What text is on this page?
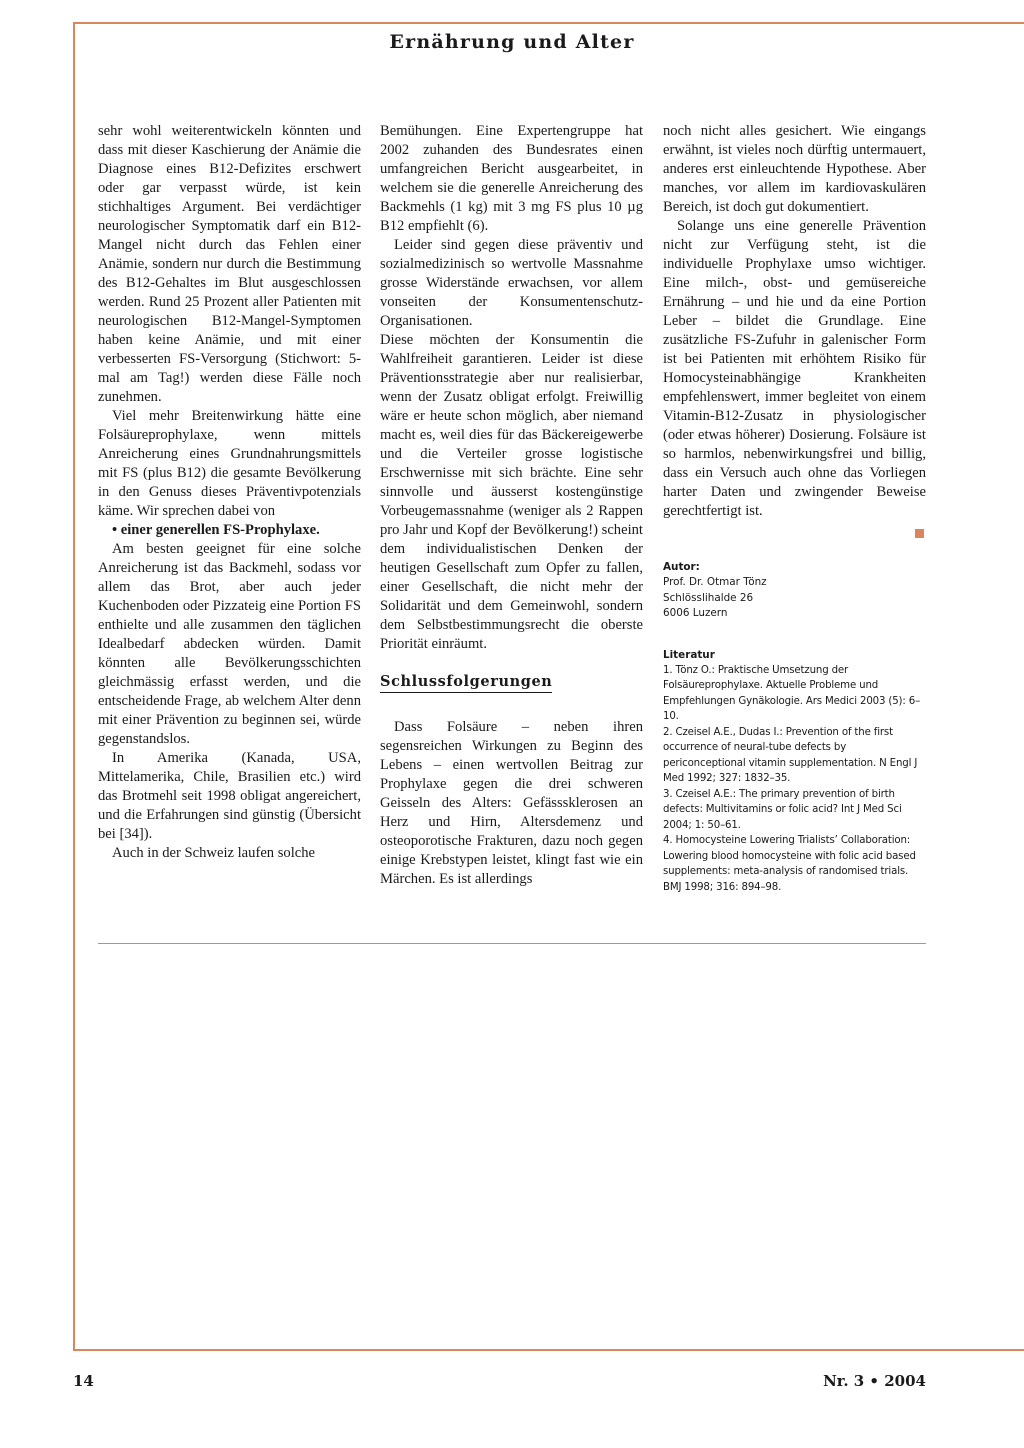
Ernährung und Alter

sehr wohl weiterentwickeln könnten und dass mit dieser Kaschierung der Anämie die Diagnose eines B12-Defizites erschwert oder gar verpasst würde, ist kein stichhaltiges Argument. Bei verdächtiger neurologischer Symptomatik darf ein B12-Mangel nicht durch das Fehlen einer Anämie, sondern nur durch die Bestimmung des B12-Gehaltes im Blut ausgeschlossen werden. Rund 25 Prozent aller Patienten mit neurologischen B12-Mangel-Symptomen haben keine Anämie, und mit einer verbesserten FS-Versorgung (Stichwort: 5-mal am Tag!) werden diese Fälle noch zunehmen.

Viel mehr Breitenwirkung hätte eine Folsäureprophylaxe, wenn mittels Anreicherung eines Grundnahrungsmittels mit FS (plus B12) die gesamte Bevölkerung in den Genuss dieses Präventivpotenzials käme. Wir sprechen dabei von

• einer generellen FS-Prophylaxe.

Am besten geeignet für eine solche Anreicherung ist das Backmehl, sodass vor allem das Brot, aber auch jeder Kuchenboden oder Pizzateig eine Portion FS enthielte und alle zusammen den täglichen Idealbedarf abdecken würden. Damit könnten alle Bevölkerungsschichten gleichmässig erfasst werden, und die entscheidende Frage, ab welchem Alter denn mit einer Prävention zu beginnen sei, würde gegenstandslos.

In Amerika (Kanada, USA, Mittelamerika, Chile, Brasilien etc.) wird das Brotmehl seit 1998 obligat angereichert, und die Erfahrungen sind günstig (Übersicht bei [34]).

Auch in der Schweiz laufen solche

Bemühungen. Eine Expertengruppe hat 2002 zuhanden des Bundesrates einen umfangreichen Bericht ausgearbeitet, in welchem sie die generelle Anreicherung des Backmehls (1 kg) mit 3 mg FS plus 10 µg B12 empfiehlt (6).

Leider sind gegen diese präventiv und sozialmedizinisch so wertvolle Massnahme grosse Widerstände erwachsen, vor allem vonseiten der Konsumentenschutz-Organisationen.

Diese möchten der Konsumentin die Wahlfreiheit garantieren. Leider ist diese Präventionsstrategie aber nur realisierbar, wenn der Zusatz obligat erfolgt. Freiwillig wäre er heute schon möglich, aber niemand macht es, weil dies für das Bäckereigewerbe und die Verteiler grosse logistische Erschwernisse mit sich brächte. Eine sehr sinnvolle und äusserst kostengünstige Vorbeugemassnahme (weniger als 2 Rappen pro Jahr und Kopf der Bevölkerung!) scheint dem individualistischen Denken der heutigen Gesellschaft zum Opfer zu fallen, einer Gesellschaft, die nicht mehr der Solidarität und dem Gemeinwohl, sondern dem Selbstbestimmungsrecht die oberste Priorität einräumt.

Schlussfolgerungen

Dass Folsäure – neben ihren segensreichen Wirkungen zu Beginn des Lebens – einen wertvollen Beitrag zur Prophylaxe gegen die drei schweren Geisseln des Alters: Gefässsklerosen an Herz und Hirn, Altersdemenz und osteoporotische Frakturen, dazu noch gegen einige Krebstypen leistet, klingt fast wie ein Märchen. Es ist allerdings

noch nicht alles gesichert. Wie eingangs erwähnt, ist vieles noch dürftig untermauert, anderes erst einleuchtende Hypothese. Aber manches, vor allem im kardiovaskulären Bereich, ist doch gut dokumentiert.

Solange uns eine generelle Prävention nicht zur Verfügung steht, ist die individuelle Prophylaxe umso wichtiger. Eine milch-, obst- und gemüsereiche Ernährung – und hie und da eine Portion Leber – bildet die Grundlage. Eine zusätzliche FS-Zufuhr in galenischer Form ist bei Patienten mit erhöhtem Risiko für Homocysteinabhängige Krankheiten empfehlenswert, immer begleitet von einem Vitamin-B12-Zusatz in physiologischer (oder etwas höherer) Dosierung. Folsäure ist so harmlos, nebenwirkungsfrei und billig, dass ein Versuch auch ohne das Vorliegen harter Daten und zwingender Beweise gerechtfertigt ist.

Autor:
Prof. Dr. Otmar Tönz
Schlösslihalde 26
6006 Luzern
Literatur
1. Tönz O.: Praktische Umsetzung der Folsäureprophylaxe. Aktuelle Probleme und Empfehlungen Gynäkologie. Ars Medici 2003 (5): 6–10.
2. Czeisel A.E., Dudas I.: Prevention of the first occurrence of neural-tube defects by periconceptional vitamin supplementation. N Engl J Med 1992; 327: 1832–35.
3. Czeisel A.E.: The primary prevention of birth defects: Multivitamins or folic acid? Int J Med Sci 2004; 1: 50–61.
4. Homocysteine Lowering Trialists’ Collaboration: Lowering blood homocysteine with folic acid based supplements: meta-analysis of randomised trials. BMJ 1998; 316: 894–98.
14	Nr. 3 • 2004
